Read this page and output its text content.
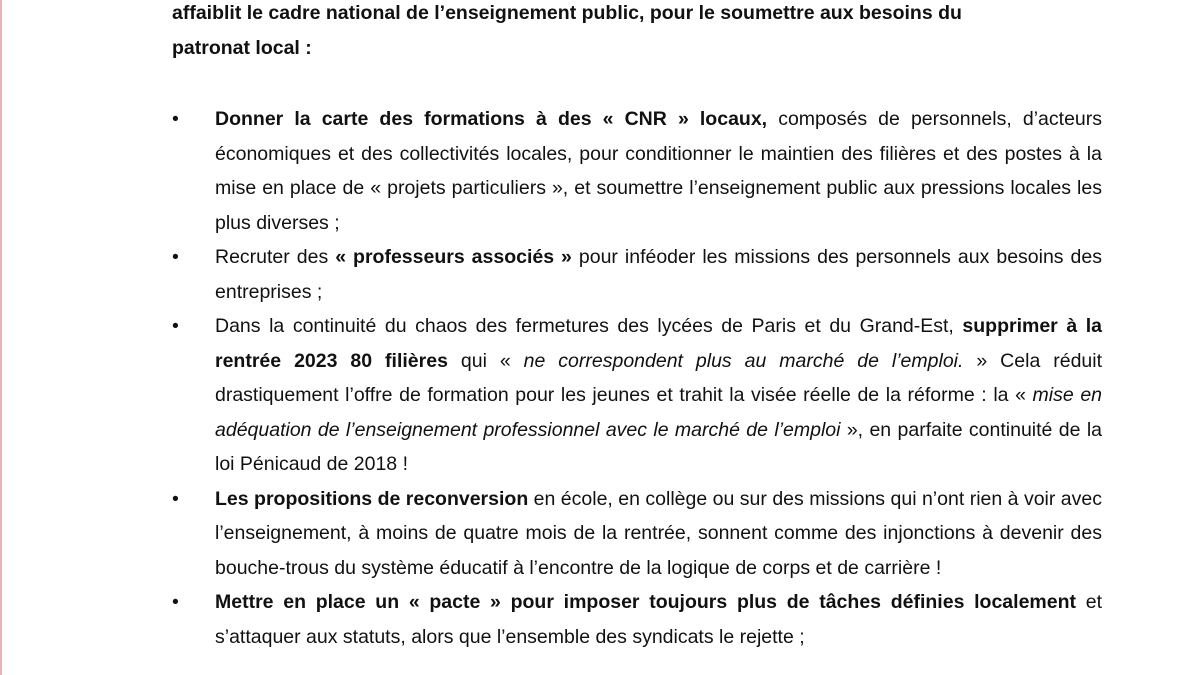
affaiblit le cadre national de l’enseignement public, pour le soumettre aux besoins du
patronat local :

•	Donner la carte des formations à des « CNR » locaux, composés de personnels, d’acteurs économiques et des collectivités locales, pour conditionner le maintien des filières et des postes à la mise en place de « projets particuliers », et soumettre l’enseignement public aux pressions locales les plus diverses ;

•	Recruter des « professeurs associés » pour inféoder les missions des personnels aux besoins des entreprises ;

•	Dans la continuité du chaos des fermetures des lycées de Paris et du Grand-Est, supprimer à la rentrée 2023 80 filières qui « ne correspondent plus au marché de l’emploi. » Cela réduit drastiquement l’offre de formation pour les jeunes et trahit la visée réelle de la réforme : la « mise en adéquation de l’enseignement professionnel avec le marché de l’emploi », en parfaite continuité de la loi Pénicaud de 2018 !

•	Les propositions de reconversion en école, en collège ou sur des missions qui n’ont rien à voir avec l’enseignement, à moins de quatre mois de la rentrée, sonnent comme des injonctions à devenir des bouche-trous du système éducatif à l’encontre de la logique de corps et de carrière !

•	Mettre en place un « pacte » pour imposer toujours plus de tâches définies localement et s’attaquer aux statuts, alors que l’ensemble des syndicats le rejette ;
